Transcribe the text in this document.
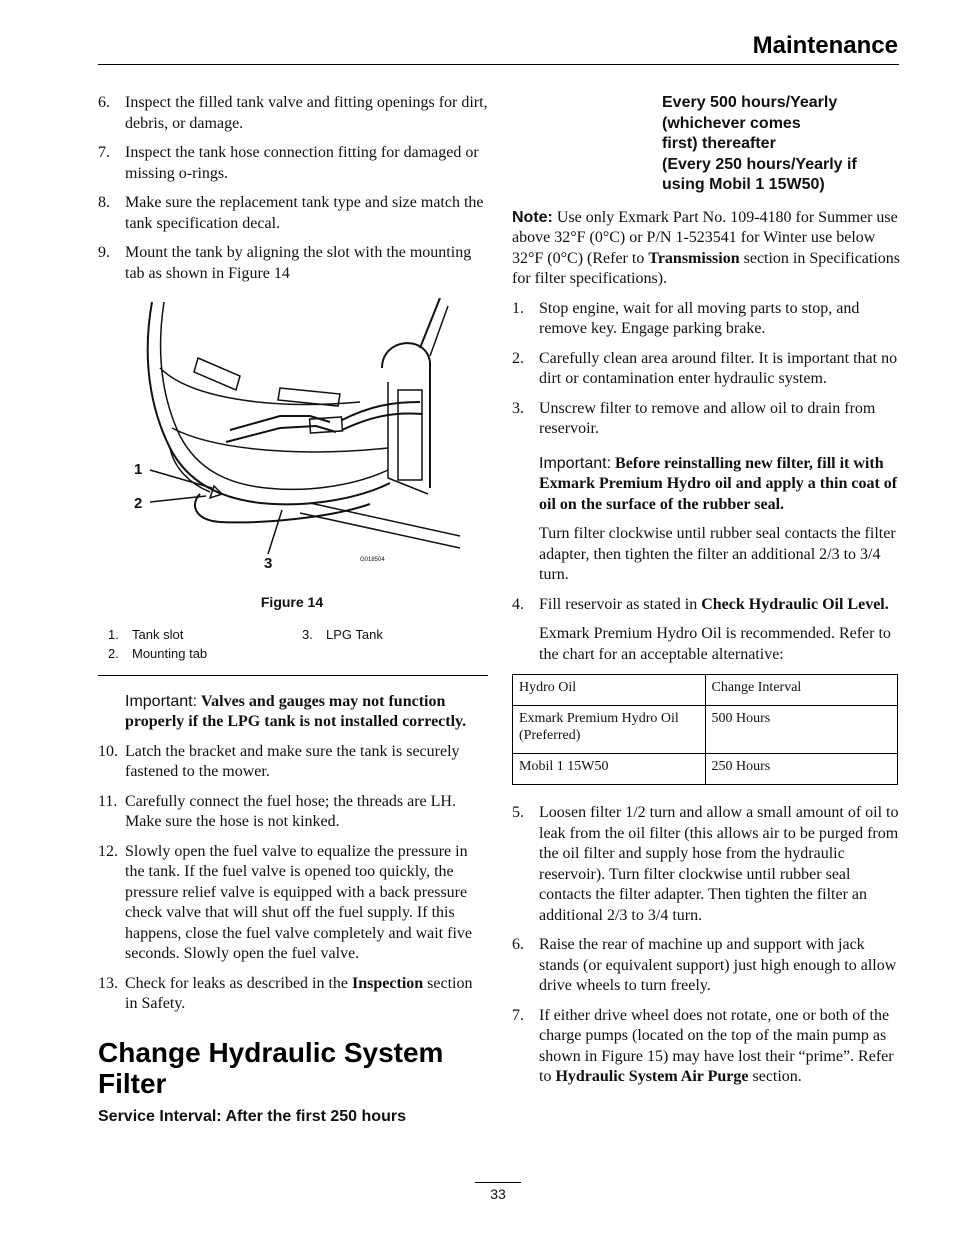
Maintenance
6. Inspect the filled tank valve and fitting openings for dirt, debris, or damage.
7. Inspect the tank hose connection fitting for damaged or missing o-rings.
8. Make sure the replacement tank type and size match the tank specification decal.
9. Mount the tank by aligning the slot with the mounting tab as shown in Figure 14
1
2
3	G018504
Figure 14
1. Tank slot
2. Mounting tab
3. LPG Tank
Important: Valves and gauges may not function properly if the LPG tank is not installed correctly.
10. Latch the bracket and make sure the tank is securely fastened to the mower.
11. Carefully connect the fuel hose; the threads are LH. Make sure the hose is not kinked.
12. Slowly open the fuel valve to equalize the pressure in the tank. If the fuel valve is opened too quickly, the pressure relief valve is equipped with a back pressure check valve that will shut off the fuel supply. If this happens, close the fuel valve completely and wait five seconds. Slowly open the fuel valve.
13. Check for leaks as described in the Inspection section in Safety.
Change Hydraulic System Filter
Service Interval: After the first 250 hours
Every 500 hours/Yearly
(whichever comes
first) thereafter
(Every 250 hours/Yearly if
using Mobil 1 15W50)

Note: Use only Exmark Part No. 109-4180 for Summer use above 32°F (0°C) or P/N 1-523541 for Winter use below 32°F (0°C) (Refer to Transmission section in Specifications for filter specifications).

1. Stop engine, wait for all moving parts to stop, and remove key. Engage parking brake.
2. Carefully clean area around filter. It is important that no dirt or contamination enter hydraulic system.
3. Unscrew filter to remove and allow oil to drain from reservoir.

Important: Before reinstalling new filter, fill it with Exmark Premium Hydro oil and apply a thin coat of oil on the surface of the rubber seal.

Turn filter clockwise until rubber seal contacts the filter adapter, then tighten the filter an additional 2/3 to 3/4 turn.

4. Fill reservoir as stated in Check Hydraulic Oil Level.

Exmark Premium Hydro Oil is recommended. Refer to the chart for an acceptable alternative:

Hydro Oil	Change Interval
Exmark Premium Hydro Oil (Preferred)	500 Hours
Mobil 1 15W50	250 Hours
5. Loosen filter 1/2 turn and allow a small amount of oil to leak from the oil filter (this allows air to be purged from the oil filter and supply hose from the hydraulic reservoir). Turn filter clockwise until rubber seal contacts the filter adapter. Then tighten the filter an additional 2/3 to 3/4 turn.
6. Raise the rear of machine up and support with jack stands (or equivalent support) just high enough to allow drive wheels to turn freely.
7. If either drive wheel does not rotate, one or both of the charge pumps (located on the top of the main pump as shown in Figure 15) may have lost their “prime”. Refer to Hydraulic System Air Purge section.
33
